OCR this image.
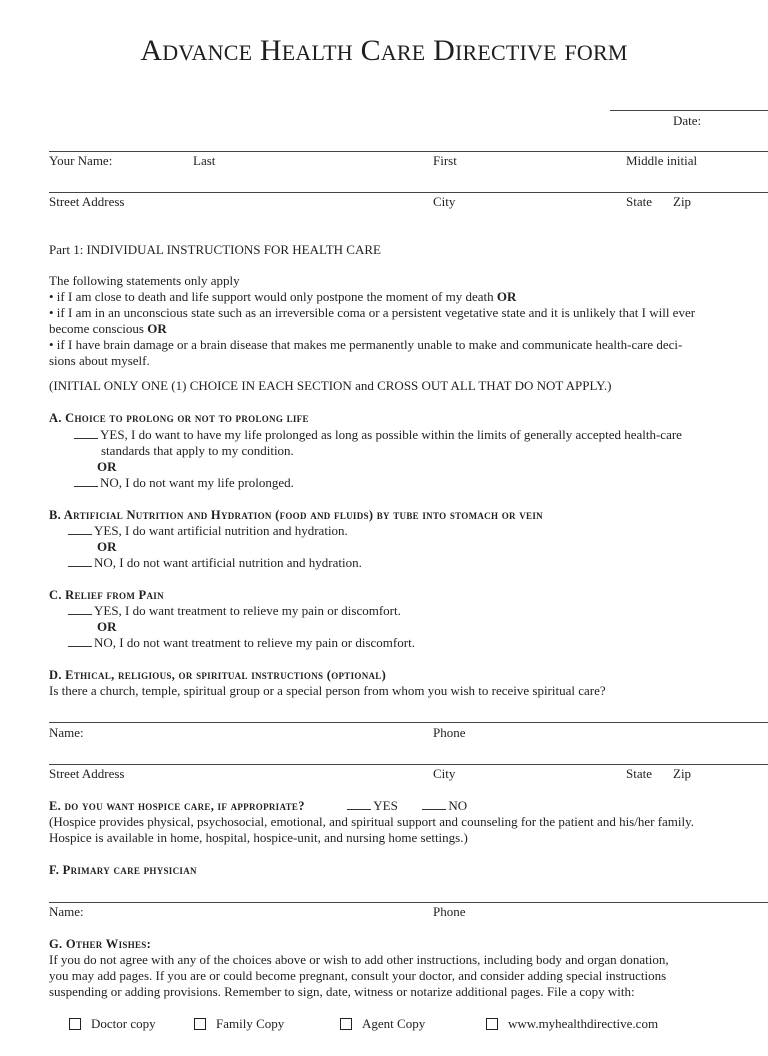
ADVANCE HEALTH CARE DIRECTIVE FORM
Date:
Your Name:	Last	First	Middle initial
Street Address	City	State Zip
Part 1: INDIVIDUAL INSTRUCTIONS FOR HEALTH CARE
The following statements only apply
• if I am close to death and life support would only postpone the moment of my death OR
• if I am in an unconscious state such as an irreversible coma or a persistent vegetative state and it is unlikely that I will ever
become conscious OR
• if I have brain damage or a brain disease that makes me permanently unable to make and communicate health-care deci-
sions about myself.
(INITIAL ONLY ONE (1) CHOICE IN EACH SECTION and CROSS OUT ALL THAT DO NOT APPLY.)
A. Choice to prolong or not to prolong life
YES, I do want to have my life prolonged as long as possible within the limits of generally accepted health-care
standards that apply to my condition.
OR
NO, I do not want my life prolonged.
B. Artificial Nutrition and Hydration (food and fluids) by tube into stomach or vein
YES, I do want artificial nutrition and hydration.
OR
NO, I do not want artificial nutrition and hydration.
C. Relief from Pain
YES, I do want treatment to relieve my pain or discomfort.
OR
NO, I do not want treatment to relieve my pain or discomfort.
D. Ethical, religious, or spiritual instructions (optional)
Is there a church, temple, spiritual group or a special person from whom you wish to receive spiritual care?
Name:	Phone
Street Address	City	State Zip
E. do you want hospice care, if appropriate?	YES	NO
(Hospice provides physical, psychosocial, emotional, and spiritual support and counseling for the patient and his/her family.
Hospice is available in home, hospital, hospice-unit, and nursing home settings.)
F. Primary care physician
Name:	Phone
G. Other Wishes:
If you do not agree with any of the choices above or wish to add other instructions, including body and organ donation,
you may add pages. If you are or could become pregnant, consult your doctor, and consider adding special instructions
suspending or adding provisions. Remember to sign, date, witness or notarize additional pages. File a copy with:
Doctor copy	Family Copy	Agent Copy	www.myhealthdirective.com
